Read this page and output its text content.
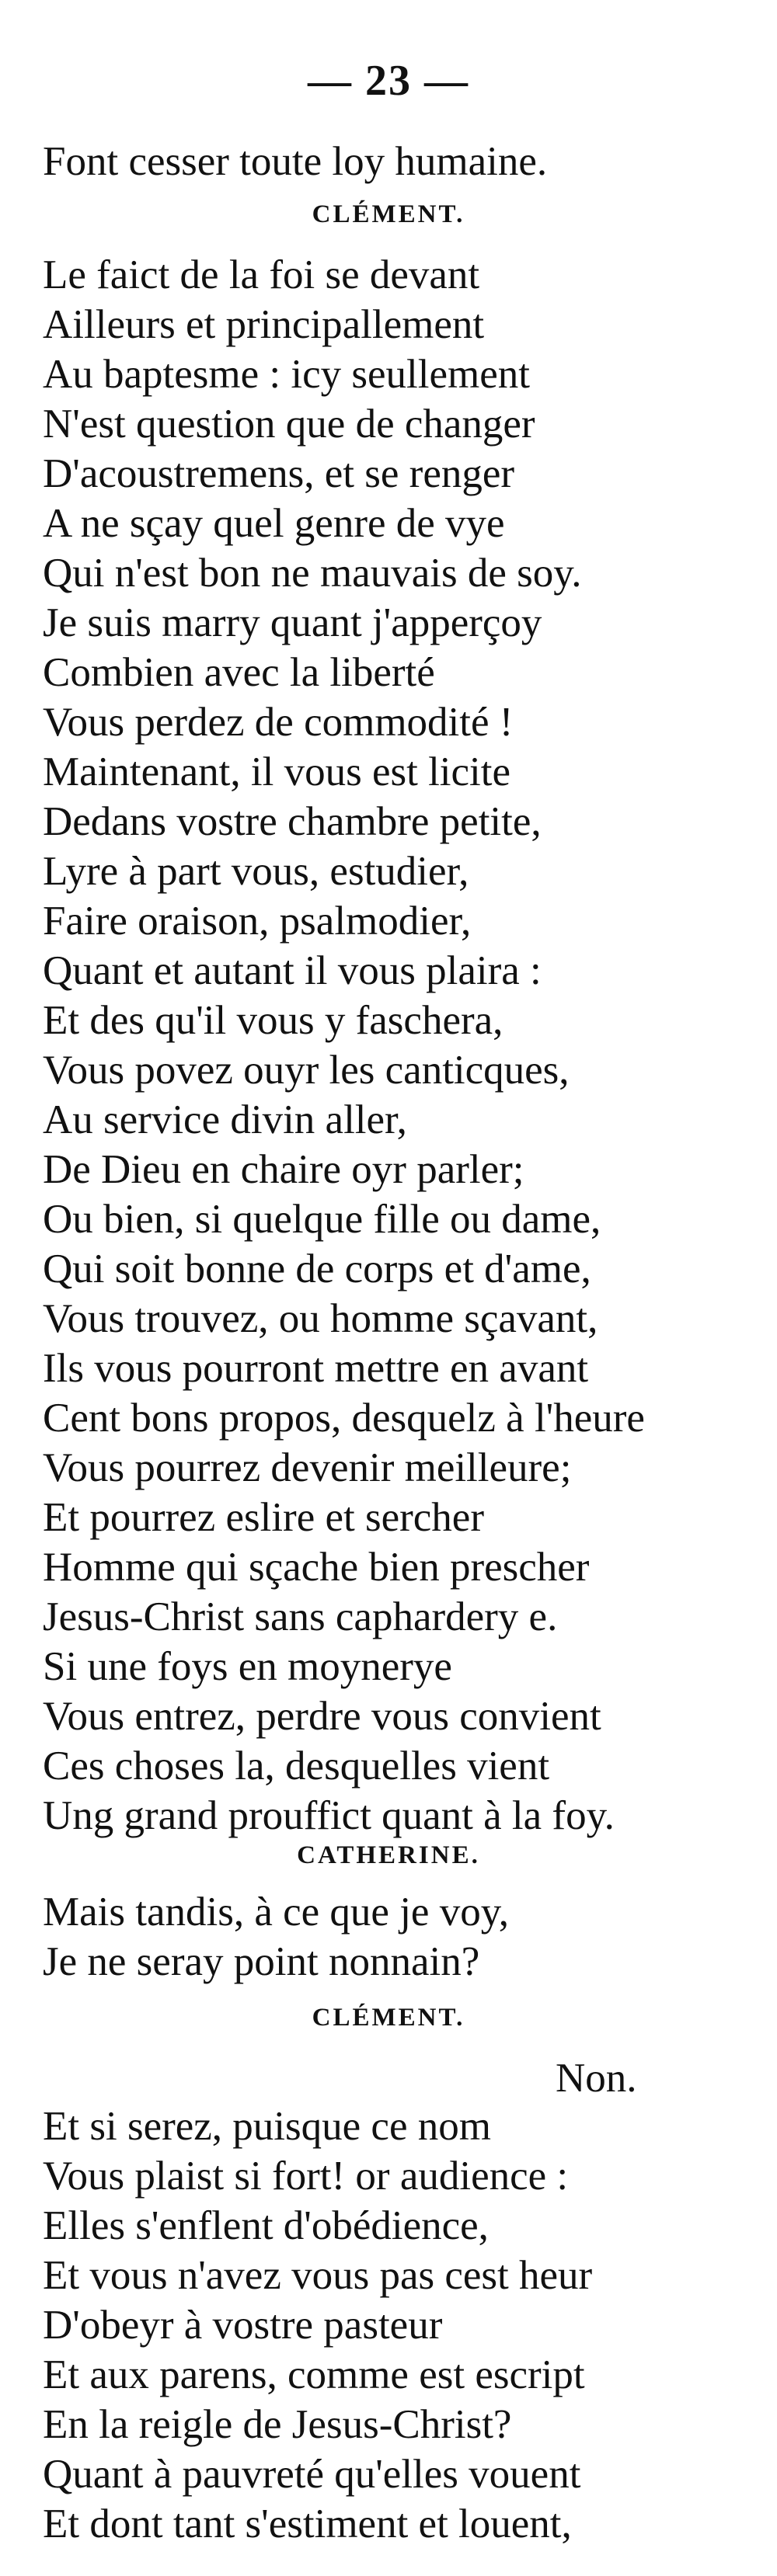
— 23 —
Font cesser toute loy humaine.
CLÉMENT.
Le faict de la foi se devant
Ailleurs et principallement
Au baptesme : icy seullement
N'est question que de changer
D'acoustremens, et se renger
A ne sçay quel genre de vye
Qui n'est bon ne mauvais de soy.
Je suis marry quant j'apperçoy
Combien avec la liberté
Vous perdez de commodité !
Maintenant, il vous est licite
Dedans vostre chambre petite,
Lyre à part vous, estudier,
Faire oraison, psalmodier,
Quant et autant il vous plaira :
Et des qu'il vous y faschera,
Vous povez ouyr les canticques,
Au service divin aller,
De Dieu en chaire oyr parler;
Ou bien, si quelque fille ou dame,
Qui soit bonne de corps et d'ame,
Vous trouvez, ou homme sçavant,
Ils vous pourront mettre en avant
Cent bons propos, desquelz à l'heure
Vous pourrez devenir meilleure;
Et pourrez eslire et sercher
Homme qui sçache bien prescher
Jesus-Christ sans caphardery e.
Si une foys en moynerye
Vous entrez, perdre vous convient
Ces choses la, desquelles vient
Ung grand prouffict quant à la foy.
CATHERINE.
Mais tandis, à ce que je voy,
Je ne seray point nonnain?
CLÉMENT.
Non.
Et si serez, puisque ce nom
Vous plaist si fort! or audience :
Elles s'enflent d'obédience,
Et vous n'avez vous pas cest heur
D'obeyr à vostre pasteur
Et aux parens, comme est escript
En la reigle de Jesus-Christ?
Quant à pauvreté qu'elles vouent
Et dont tant s'estiment et louent,
